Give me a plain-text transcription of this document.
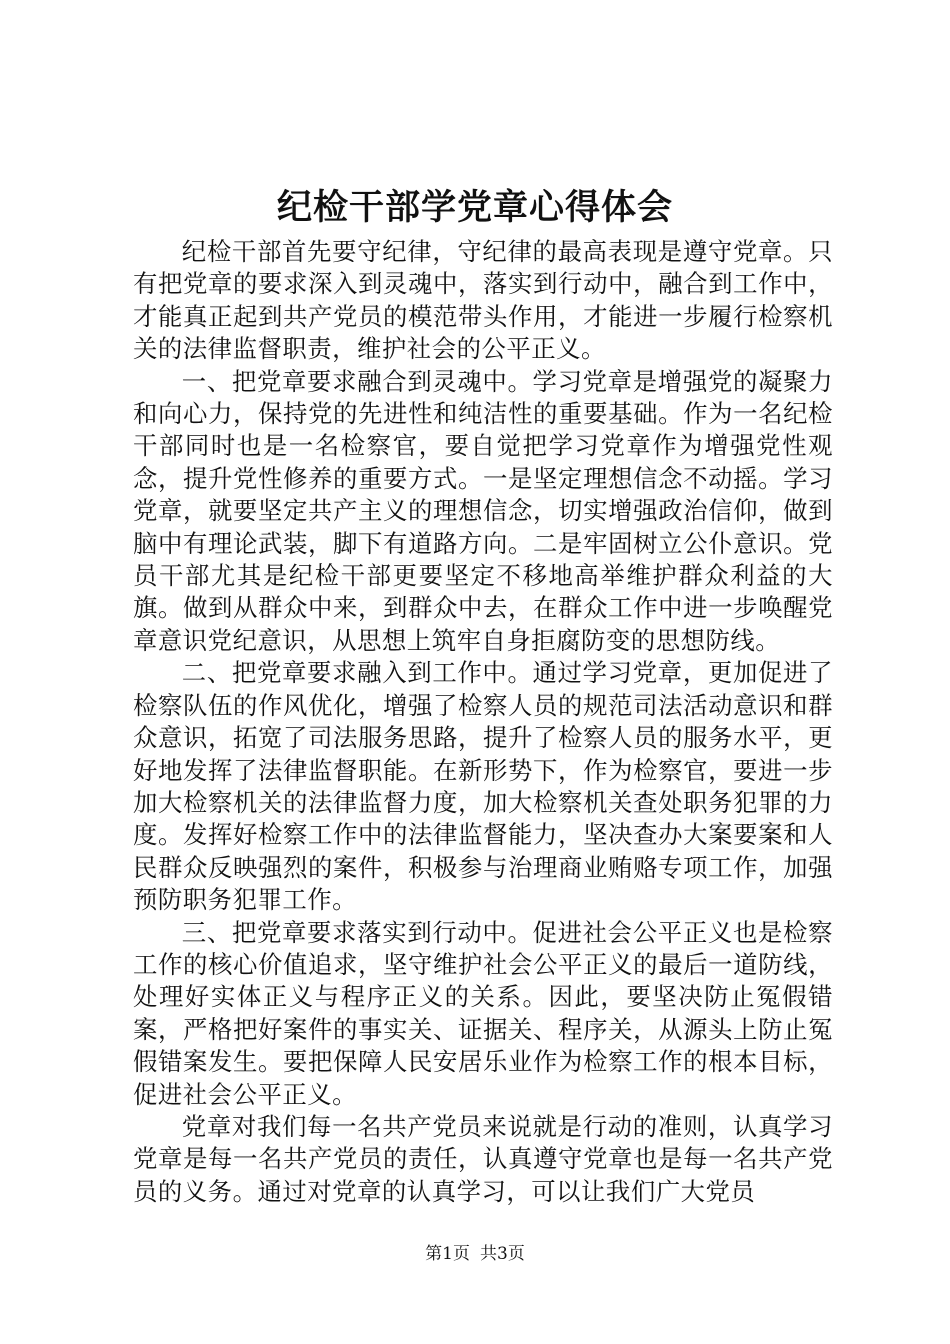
纪检干部学党章心得体会

纪检干部首先要守纪律，守纪律的最高表现是遵守党章。只有把党章的要求深入到灵魂中，落实到行动中，融合到工作中，才能真正起到共产党员的模范带头作用，才能进一步履行检察机关的法律监督职责，维护社会的公平正义。

一、把党章要求融合到灵魂中。学习党章是增强党的凝聚力和向心力，保持党的先进性和纯洁性的重要基础。作为一名纪检干部同时也是一名检察官，要自觉把学习党章作为增强党性观念，提升党性修养的重要方式。一是坚定理想信念不动摇。学习党章，就要坚定共产主义的理想信念，切实增强政治信仰，做到脑中有理论武装，脚下有道路方向。二是牢固树立公仆意识。党员干部尤其是纪检干部更要坚定不移地高举维护群众利益的大旗。做到从群众中来，到群众中去，在群众工作中进一步唤醒党章意识党纪意识，从思想上筑牢自身拒腐防变的思想防线。

二、把党章要求融入到工作中。通过学习党章，更加促进了检察队伍的作风优化，增强了检察人员的规范司法活动意识和群众意识，拓宽了司法服务思路，提升了检察人员的服务水平，更好地发挥了法律监督职能。在新形势下，作为检察官，要进一步加大检察机关的法律监督力度，加大检察机关查处职务犯罪的力度。发挥好检察工作中的法律监督能力，坚决查办大案要案和人民群众反映强烈的案件，积极参与治理商业贿赂专项工作，加强预防职务犯罪工作。

三、把党章要求落实到行动中。促进社会公平正义也是检察工作的核心价值追求，坚守维护社会公平正义的最后一道防线，处理好实体正义与程序正义的关系。因此，要坚决防止冤假错案，严格把好案件的事实关、证据关、程序关，从源头上防止冤假错案发生。要把保障人民安居乐业作为检察工作的根本目标，促进社会公平正义。

党章对我们每一名共产党员来说就是行动的准则，认真学习党章是每一名共产党员的责任，认真遵守党章也是每一名共产党员的义务。通过对党章的认真学习，可以让我们广大党员

第1页 共3页
